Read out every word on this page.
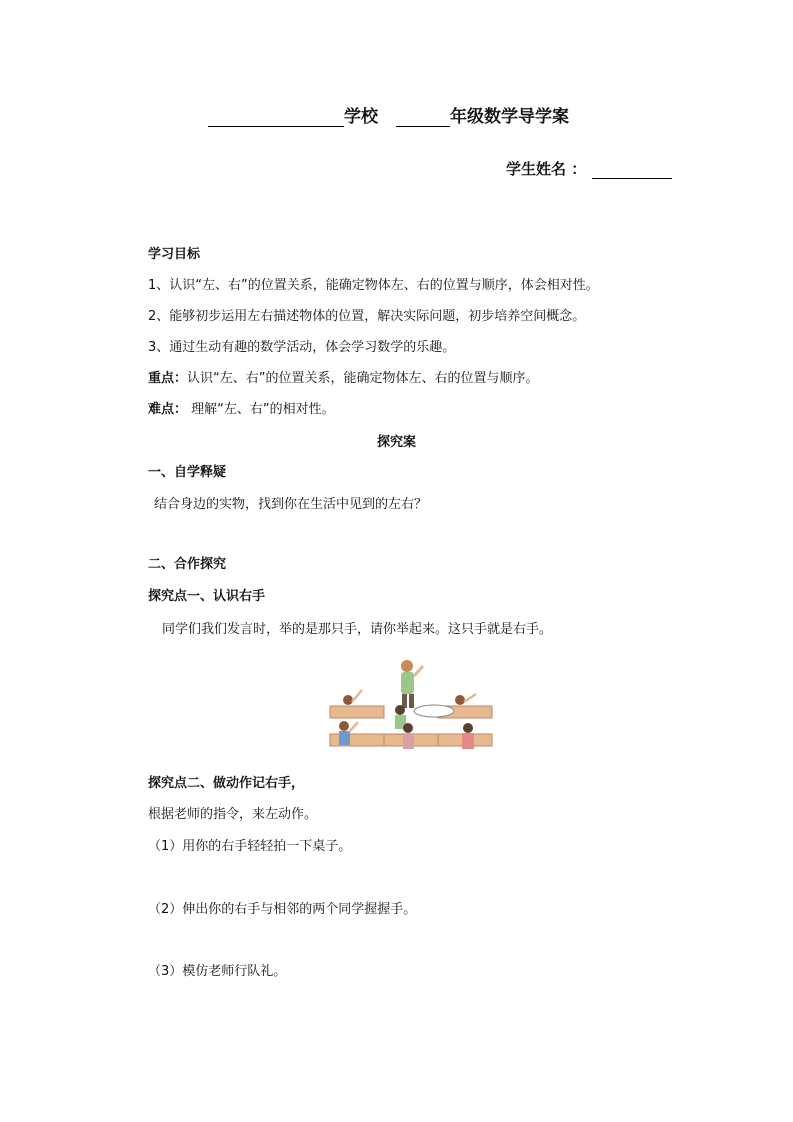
学校	年级数学导学案
学生姓名 ：
学习目标
1、认识“左、右”的位置关系，能确定物体左、右的位置与顺序，体会相对性。
2、能够初步运用左右描述物体的位置，解决实际问题，初步培养空间概念。
3、通过生动有趣的数学活动，体会学习数学的乐趣。
重点：认识“左、右”的位置关系，能确定物体左、右的位置与顺序。
难点： 理解“左、右”的相对性。
探究案
一、自学释疑
结合身边的实物，找到你在生活中见到的左右？
二、合作探究
探究点一、认识右手
同学们我们发言时，举的是那只手，请你举起来。这只手就是右手。
探究点二、做动作记右手，
根据老师的指令，来左动作。
（1）用你的右手轻轻拍一下桌子。
（2）伸出你的右手与相邻的两个同学握握手。
（3）模仿老师行队礼。
